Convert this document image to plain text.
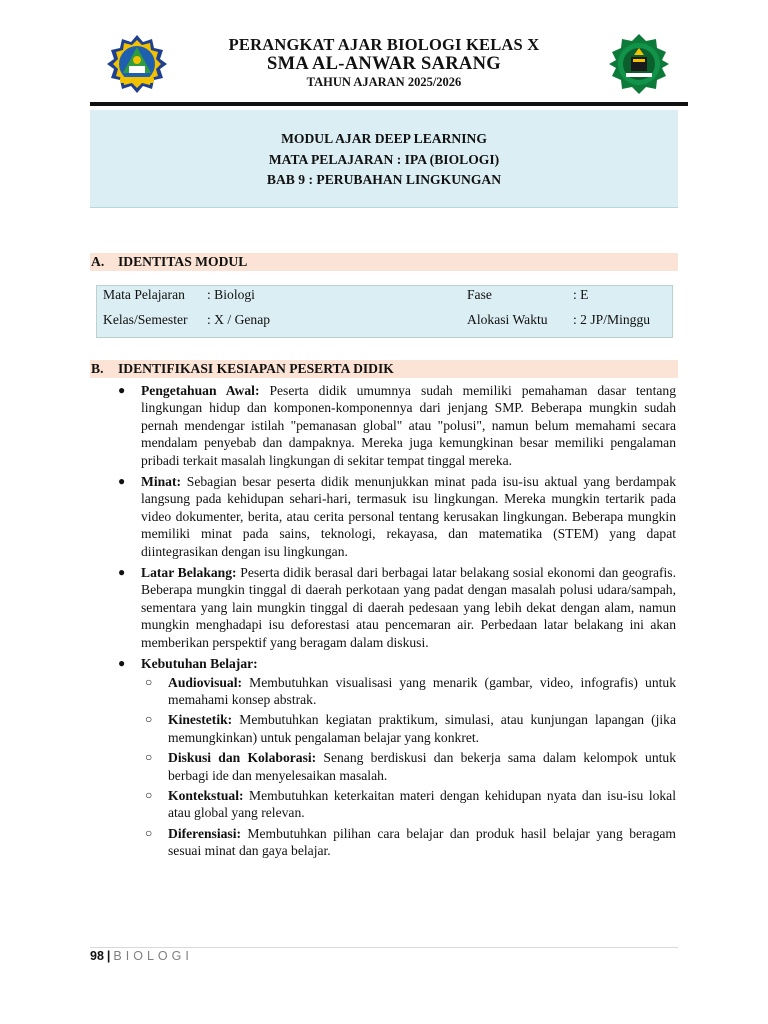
PERANGKAT AJAR BIOLOGI KELAS X
SMA AL-ANWAR SARANG
TAHUN AJARAN 2025/2026
MODUL AJAR DEEP LEARNING
MATA PELAJARAN : IPA (BIOLOGI)
BAB 9 : PERUBAHAN LINGKUNGAN
A. IDENTITAS MODUL
Mata Pelajaran : Biologi	Fase	: E
Kelas/Semester : X / Genap	Alokasi Waktu : 2 JP/Minggu
B. IDENTIFIKASI KESIAPAN PESERTA DIDIK
● Pengetahuan Awal: Peserta didik umumnya sudah memiliki pemahaman dasar tentang lingkungan hidup dan komponen-komponennya dari jenjang SMP. Beberapa mungkin sudah pernah mendengar istilah "pemanasan global" atau "polusi", namun belum memahami secara mendalam penyebab dan dampaknya. Mereka juga kemungkinan besar memiliki pengalaman pribadi terkait masalah lingkungan di sekitar tempat tinggal mereka.

● Minat: Sebagian besar peserta didik menunjukkan minat pada isu-isu aktual yang berdampak langsung pada kehidupan sehari-hari, termasuk isu lingkungan. Mereka mungkin tertarik pada video dokumenter, berita, atau cerita personal tentang kerusakan lingkungan. Beberapa mungkin memiliki minat pada sains, teknologi, rekayasa, dan matematika (STEM) yang dapat diintegrasikan dengan isu lingkungan.

● Latar Belakang: Peserta didik berasal dari berbagai latar belakang sosial ekonomi dan geografis. Beberapa mungkin tinggal di daerah perkotaan yang padat dengan masalah polusi udara/sampah, sementara yang lain mungkin tinggal di daerah pedesaan yang lebih dekat dengan alam, namun mungkin menghadapi isu deforestasi atau pencemaran air. Perbedaan latar belakang ini akan memberikan perspektif yang beragam dalam diskusi.

● Kebutuhan Belajar:

○ Audiovisual: Membutuhkan visualisasi yang menarik (gambar, video, infografis) untuk memahami konsep abstrak.

○ Kinestetik: Membutuhkan kegiatan praktikum, simulasi, atau kunjungan lapangan (jika memungkinkan) untuk pengalaman belajar yang konkret.

○ Diskusi dan Kolaborasi: Senang berdiskusi dan bekerja sama dalam kelompok untuk berbagi ide dan menyelesaikan masalah.

○ Kontekstual: Membutuhkan keterkaitan materi dengan kehidupan nyata dan isu-isu lokal atau global yang relevan.

○ Diferensiasi: Membutuhkan pilihan cara belajar dan produk hasil belajar yang beragam sesuai minat dan gaya belajar.

98 | BIOLOGI
